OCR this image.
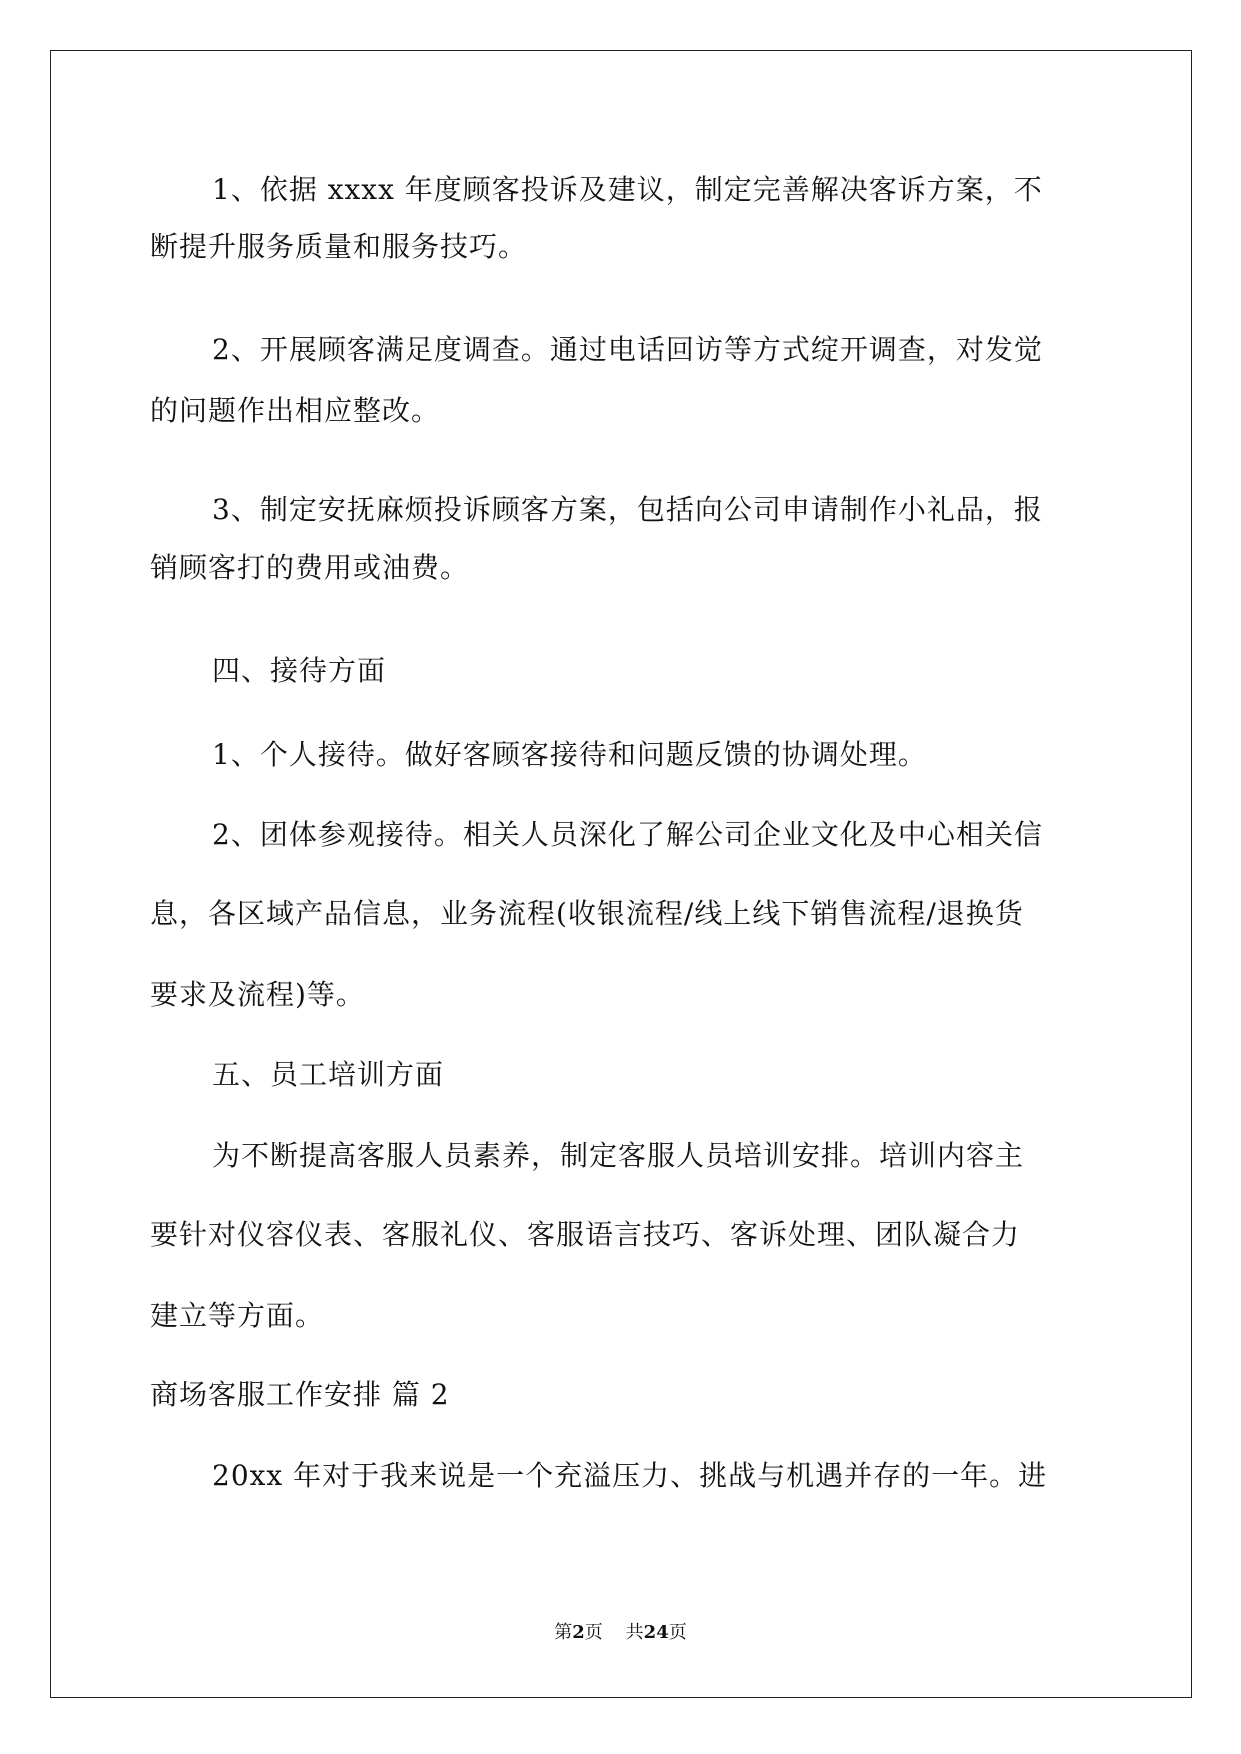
1、依据 xxxx 年度顾客投诉及建议，制定完善解决客诉方案，不
断提升服务质量和服务技巧。
2、开展顾客满足度调查。通过电话回访等方式绽开调查，对发觉
的问题作出相应整改。
3、制定安抚麻烦投诉顾客方案，包括向公司申请制作小礼品，报
销顾客打的费用或油费。
四、接待方面
1、个人接待。做好客顾客接待和问题反馈的协调处理。
2、团体参观接待。相关人员深化了解公司企业文化及中心相关信
息，各区域产品信息，业务流程(收银流程/线上线下销售流程/退换货
要求及流程)等。
五、员工培训方面
为不断提高客服人员素养，制定客服人员培训安排。培训内容主
要针对仪容仪表、客服礼仪、客服语言技巧、客诉处理、团队凝合力
建立等方面。
商场客服工作安排 篇 2
20xx 年对于我来说是一个充溢压力、挑战与机遇并存的一年。进
第2页 共24页
